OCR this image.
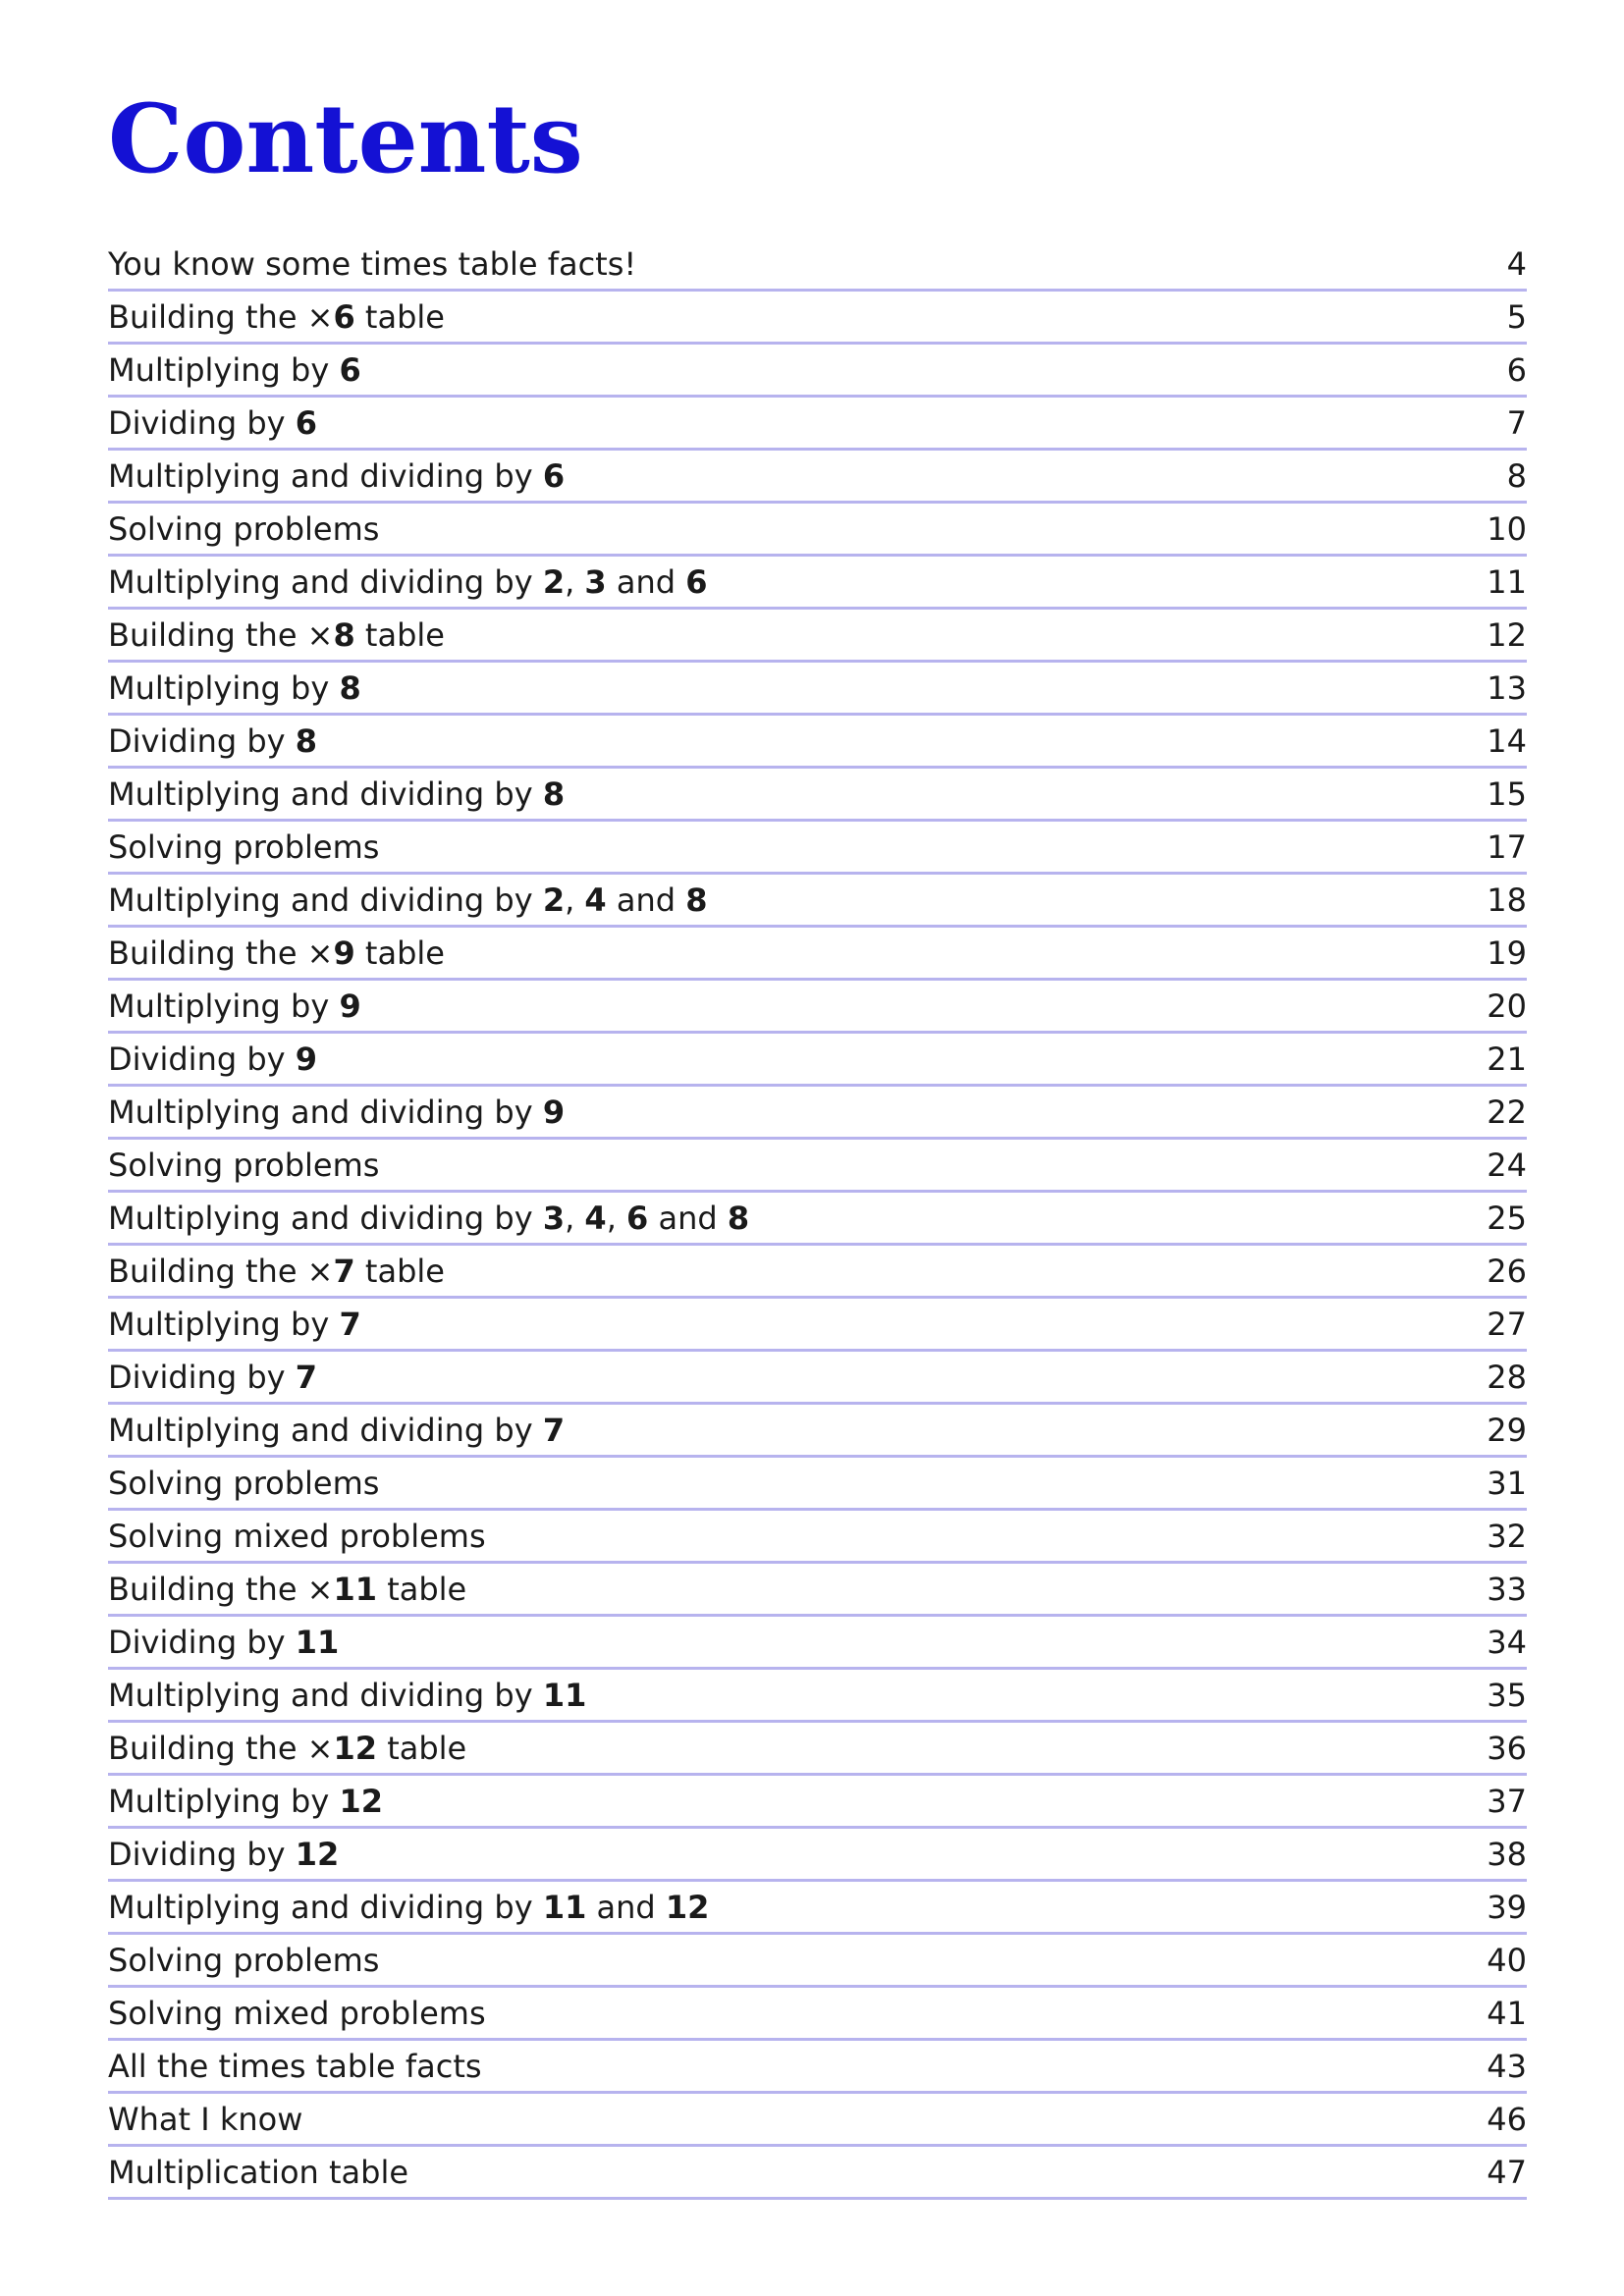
Contents
You know some times table facts!	4
Building the ×6 table	5
Multiplying by 6	6
Dividing by 6	7
Multiplying and dividing by 6	8
Solving problems	10
Multiplying and dividing by 2, 3 and 6	11
Building the ×8 table	12
Multiplying by 8	13
Dividing by 8	14
Multiplying and dividing by 8	15
Solving problems	17
Multiplying and dividing by 2, 4 and 8	18
Building the ×9 table	19
Multiplying by 9	20
Dividing by 9	21
Multiplying and dividing by 9	22
Solving problems	24
Multiplying and dividing by 3, 4, 6 and 8	25
Building the ×7 table	26
Multiplying by 7	27
Dividing by 7	28
Multiplying and dividing by 7	29
Solving problems	31
Solving mixed problems	32
Building the ×11 table	33
Dividing by 11	34
Multiplying and dividing by 11	35
Building the ×12 table	36
Multiplying by 12	37
Dividing by 12	38
Multiplying and dividing by 11 and 12	39
Solving problems	40
Solving mixed problems	41
All the times table facts	43
What I know	46
Multiplication table	47
